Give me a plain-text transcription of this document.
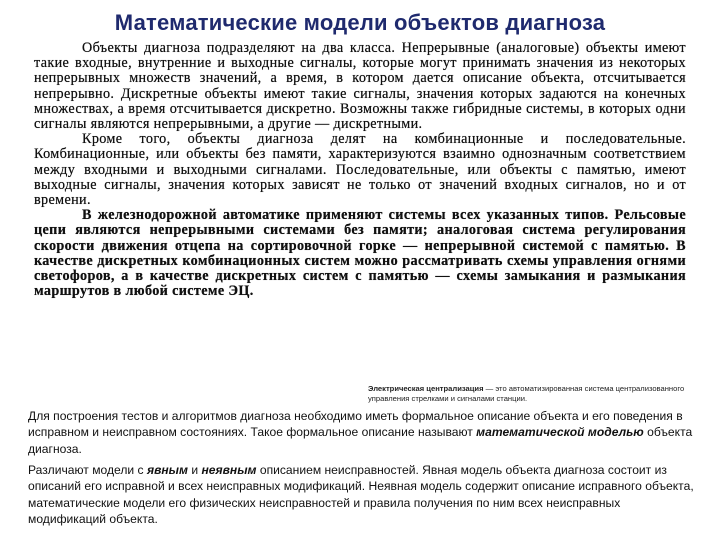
Математические модели объектов диагноза

Объекты диагноза подразделяют на два класса. Непрерывные (аналоговые) объекты имеют такие входные, внутренние и выходные сигналы, которые могут принимать значения из некоторых непрерывных множеств значений, а время, в котором дается описание объекта, отсчитывается непрерывно. Дискретные объекты имеют такие сигналы, значения которых задаются на конечных множествах, а время отсчитывается дискретно. Возможны также гибридные системы, в которых одни сигналы являются непрерывными, а другие — дискретными.

Кроме того, объекты диагноза делят на комбинационные и последовательные. Комбинационные, или объекты без памяти, характеризуются взаимно однозначным соответствием между входными и выходными сигналами. Последовательные, или объекты с памятью, имеют выходные сигналы, значения которых зависят не только от значений входных сигналов, но и от времени.

В железнодорожной автоматике применяют системы всех указанных типов. Рельсовые цепи являются непрерывными системами без памяти; аналоговая система регулирования скорости движения отцепа на сортировочной горке — непрерывной системой с памятью. В качестве дискретных комбинационных систем можно рассматривать схемы управления огнями светофоров, а в качестве дискретных систем с памятью — схемы замыкания и размыкания маршрутов в любой системе ЭЦ.

Электрическая централизация — это автоматизированная система централизованного управления стрелками и сигналами станции.
Для построения тестов и алгоритмов диагноза необходимо иметь формальное описание объекта и его поведения в исправном и неисправном состояниях. Такое формальное описание называют математической моделью объекта диагноза.
Различают модели с явным и неявным описанием неисправностей. Явная модель объекта диагноза состоит из описаний его исправной и всех неисправных модификаций. Неявная модель содержит описание исправного объекта, математические модели его физических неисправностей и правила получения по ним всех неисправных модификаций объекта.
